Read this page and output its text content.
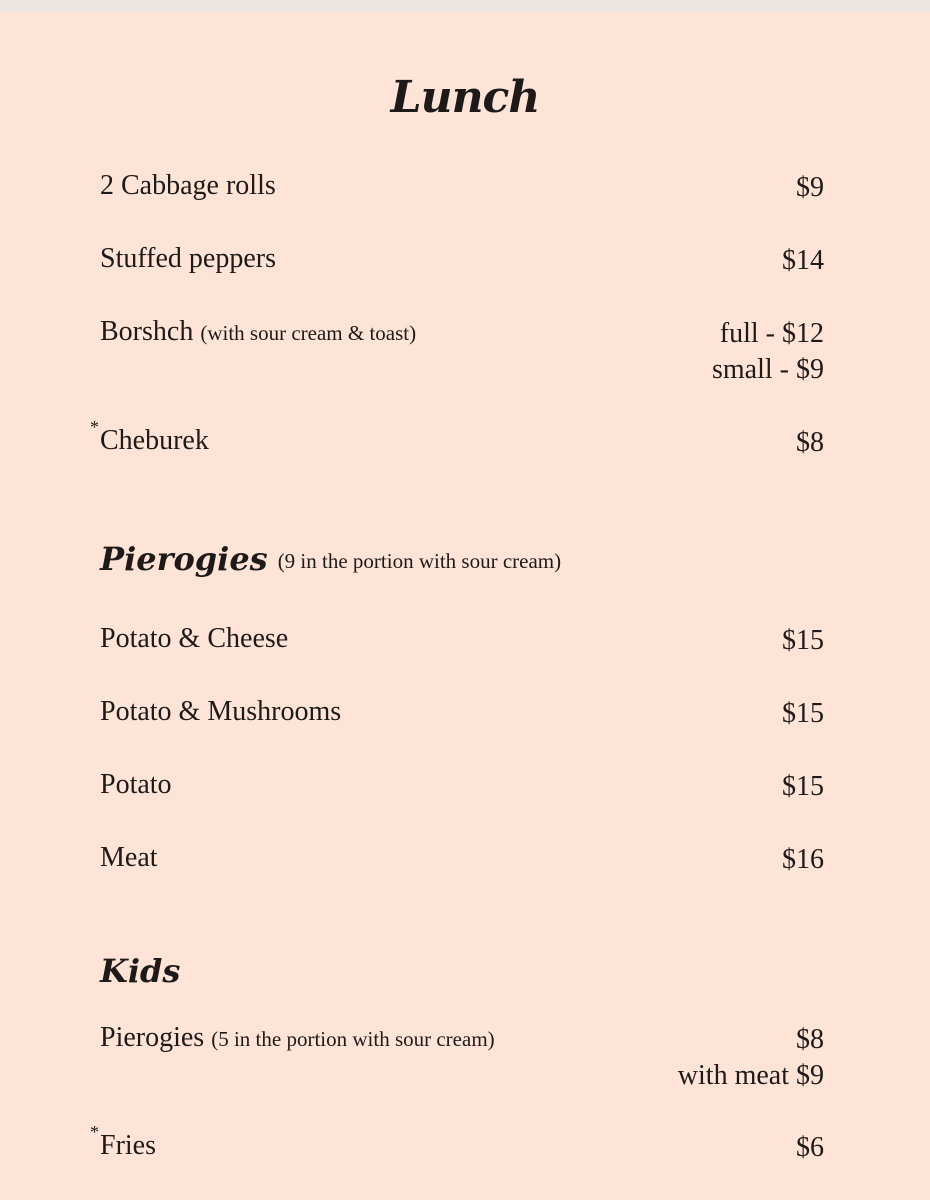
Lunch
2 Cabbage rolls	$9
Stuffed peppers	$14
Borshch (with sour cream & toast)	full - $12
small - $9
* Cheburek	$8
Pierogies (9 in the portion with sour cream)
Potato & Cheese	$15
Potato & Mushrooms	$15
Potato	$15
Meat	$16
Kids
Pierogies (5 in the portion with sour cream)	$8
with meat $9
* Fries	$6
